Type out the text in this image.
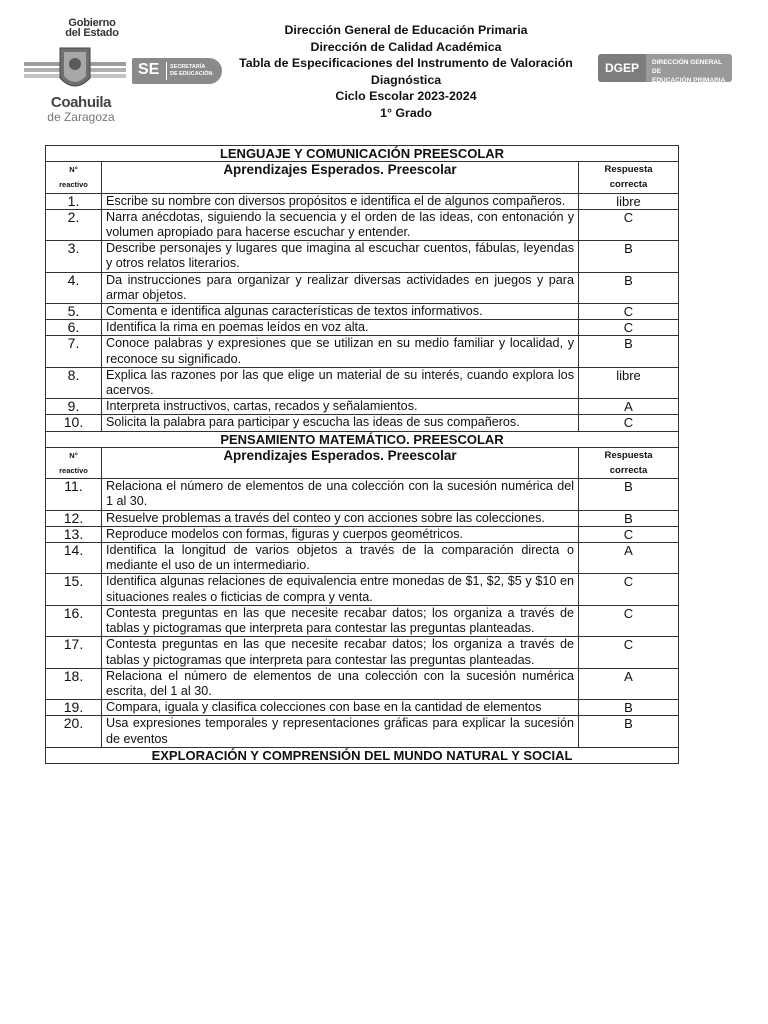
Gobierno
del Estado
Coahuila
de Zaragoza
SE SECRETARÍA
DE EDUCACIÓN
Dirección General de Educación Primaria
Dirección de Calidad Académica
Tabla de Especificaciones del Instrumento de Valoración
Diagnóstica
Ciclo Escolar 2023-2024
1° Grado
DGEP	DIRECCIÓN GENERAL DE
EDUCACIÓN PRIMARIA
LENGUAJE Y COMUNICACIÓN PREESCOLAR		
N°
reactivo	Aprendizajes Esperados. Preescolar	Respuesta
correcta
1.	Escribe su nombre con diversos propósitos e identifica el de algunos compañeros.	libre
2.	Narra anécdotas, siguiendo la secuencia y el orden de las ideas, con entonación y volumen apropiado para hacerse escuchar y entender.	C
3.	Describe personajes y lugares que imagina al escuchar cuentos, fábulas, leyendas y otros relatos literarios.	B
4.	Da instrucciones para organizar y realizar diversas actividades en juegos y para armar objetos.	B
5.	Comenta e identifica algunas características de textos informativos.	C
6.	Identifica la rima en poemas leídos en voz alta.	C
7.	Conoce palabras y expresiones que se utilizan en su medio familiar y localidad, y reconoce su significado.	B
8.	Explica las razones por las que elige un material de su interés, cuando explora los acervos.	libre
9.	Interpreta instructivos, cartas, recados y señalamientos.	A
10.	Solicita la palabra para participar y escucha las ideas de sus compañeros.	C
PENSAMIENTO MATEMÁTICO. PREESCOLAR		
N°
reactivo	Aprendizajes Esperados. Preescolar	Respuesta
correcta
11.	Relaciona el número de elementos de una colección con la sucesión numérica del 1 al 30.	B
12.	Resuelve problemas a través del conteo y con acciones sobre las colecciones.	B
13.	Reproduce modelos con formas, figuras y cuerpos geométricos.	C
14.	Identifica la longitud de varios objetos a través de la comparación directa o mediante el uso de un intermediario.	A
15.	Identifica algunas relaciones de equivalencia entre monedas de $1, $2, $5 y $10 en situaciones reales o ficticias de compra y venta.	C
16.	Contesta preguntas en las que necesite recabar datos; los organiza a través de tablas y pictogramas que interpreta para contestar las preguntas planteadas.	C
17.	Contesta preguntas en las que necesite recabar datos; los organiza a través de tablas y pictogramas que interpreta para contestar las preguntas planteadas.	C
18.	Relaciona el número de elementos de una colección con la sucesión numérica escrita, del 1 al 30.	A
19.	Compara, iguala y clasifica colecciones con base en la cantidad de elementos	B
20.	Usa expresiones temporales y representaciones gráficas para explicar la sucesión de eventos	B
EXPLORACIÓN Y COMPRENSIÓN DEL MUNDO NATURAL Y SOCIAL		
